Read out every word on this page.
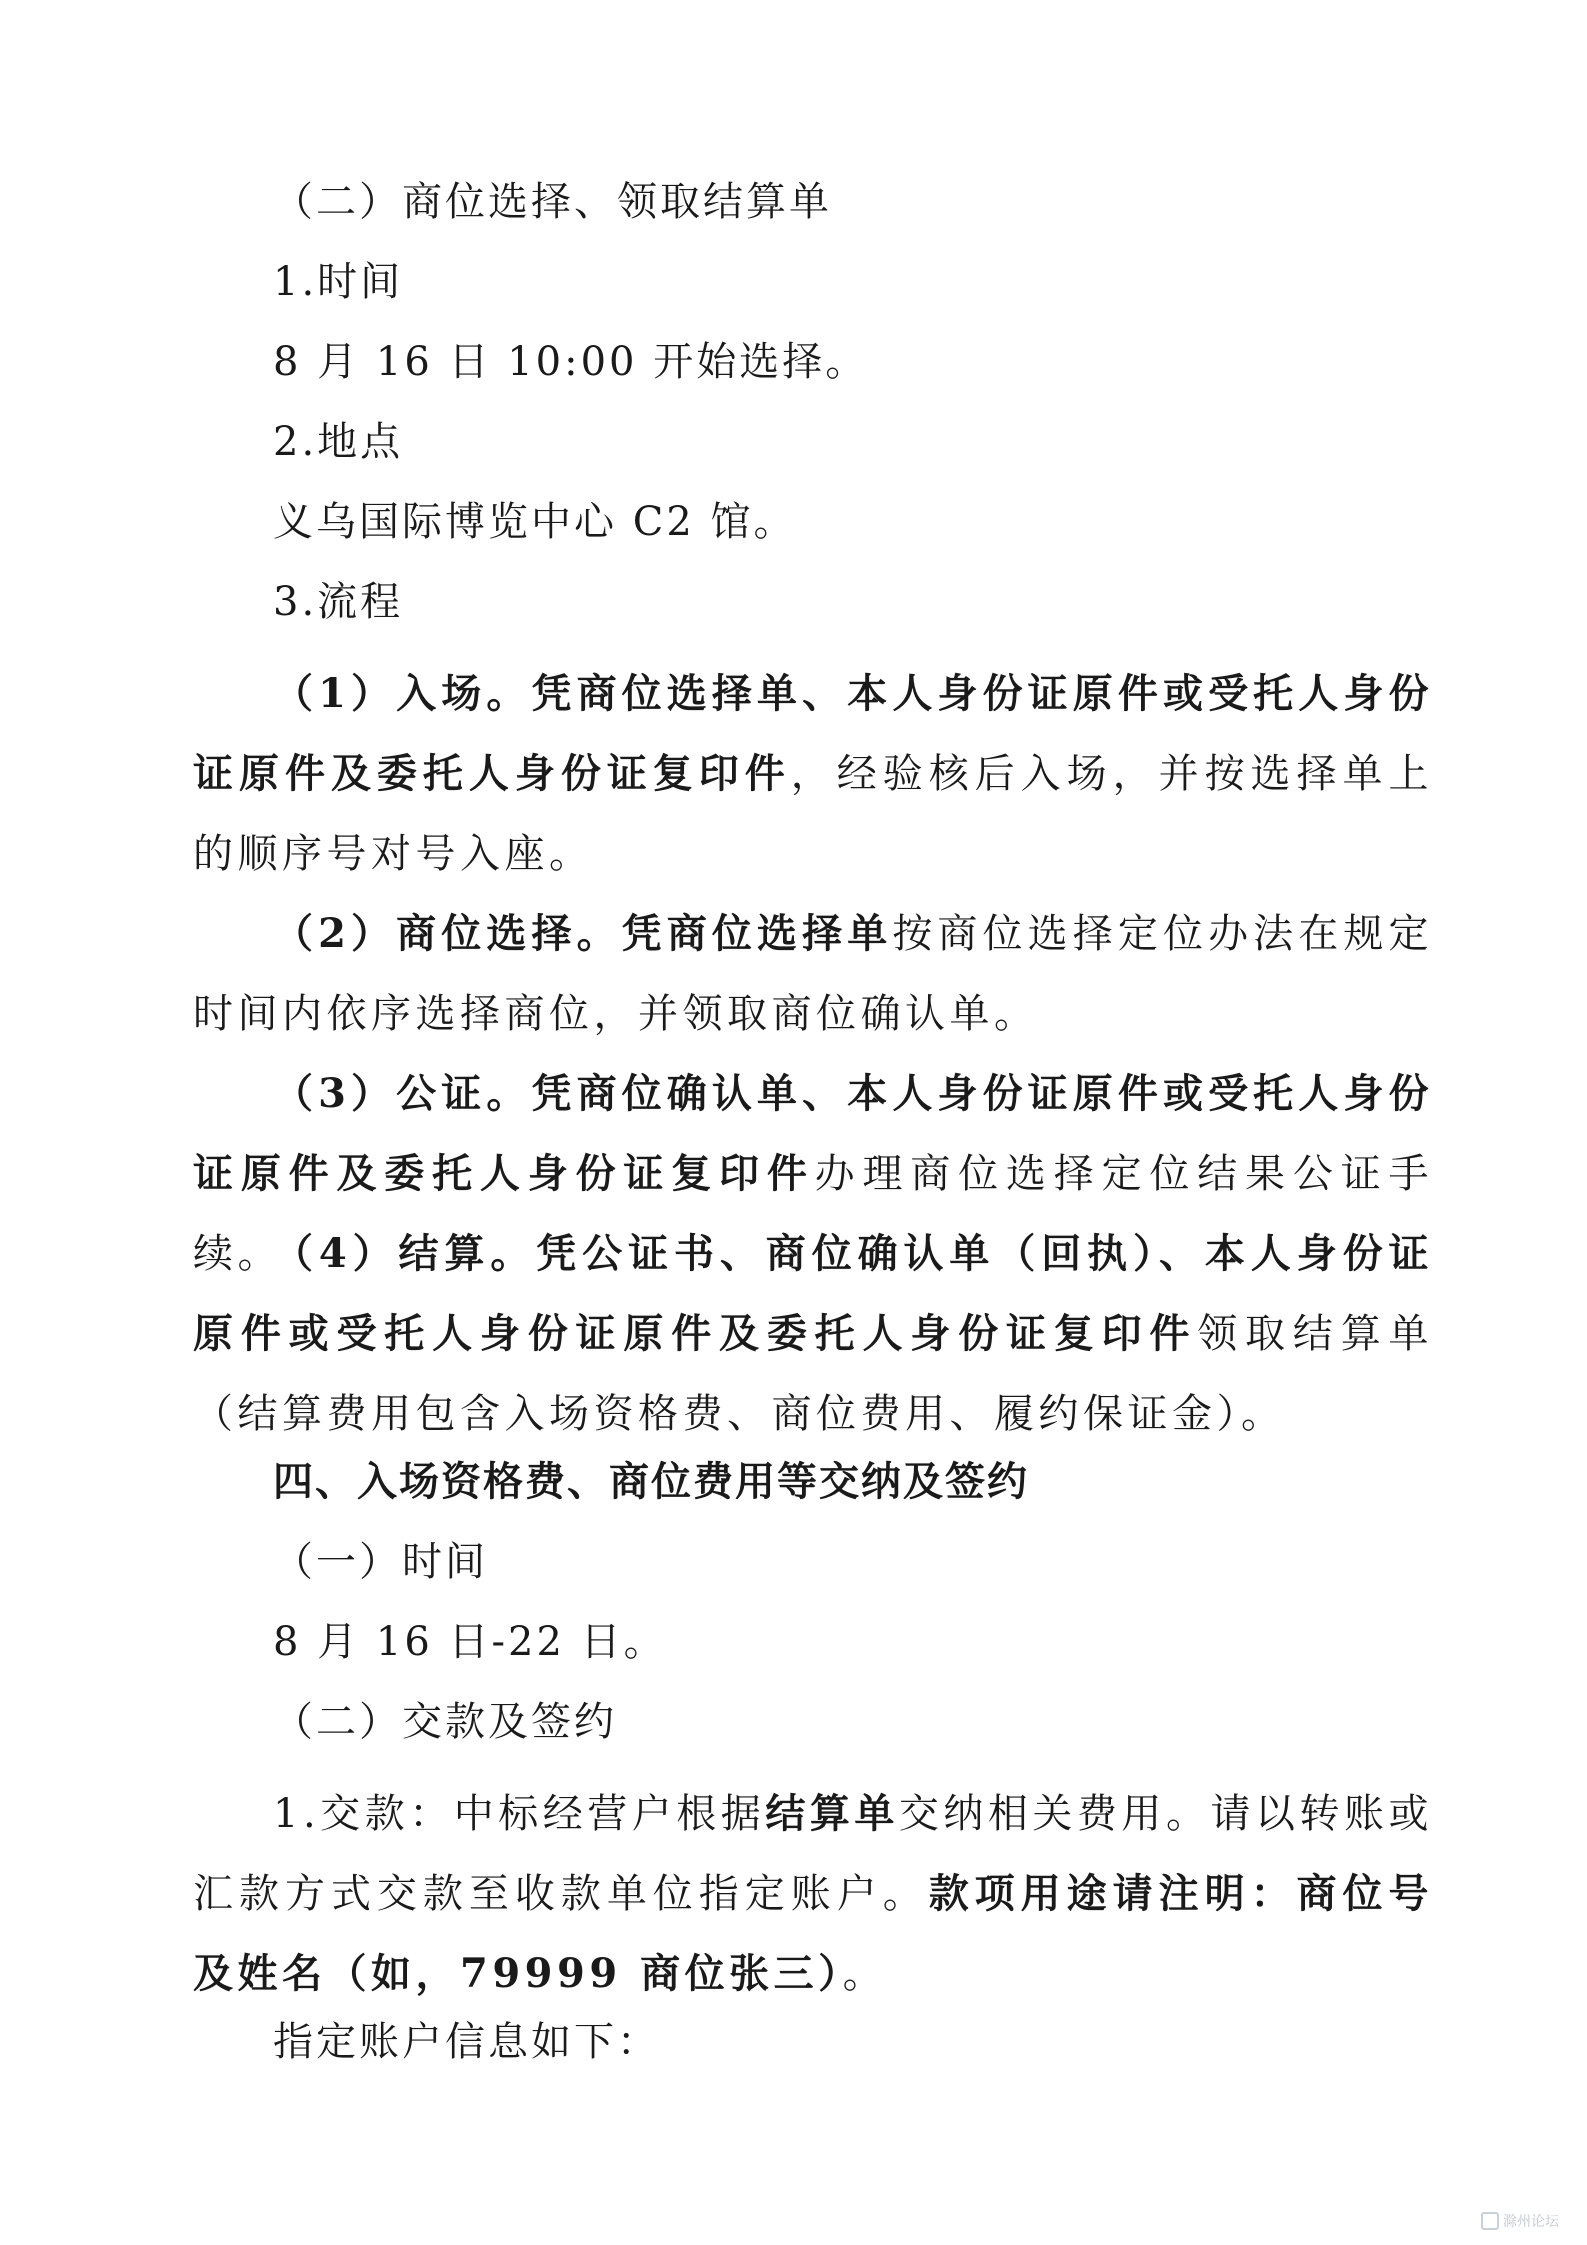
（二）商位选择、领取结算单
1.时间
8 月 16 日 10:00 开始选择。
2.地点
义乌国际博览中心 C2 馆。
3.流程
（1）入场。凭商位选择单、本人身份证原件或受托人身份证原件及委托人身份证复印件，经验核后入场，并按选择单上的顺序号对号入座。
（2）商位选择。凭商位选择单按商位选择定位办法在规定时间内依序选择商位，并领取商位确认单。
（3）公证。凭商位确认单、本人身份证原件或受托人身份证原件及委托人身份证复印件办理商位选择定位结果公证手续。
（4）结算。凭公证书、商位确认单（回执）、本人身份证原件或受托人身份证原件及委托人身份证复印件领取结算单（结算费用包含入场资格费、商位费用、履约保证金）。
四、入场资格费、商位费用等交纳及签约
（一）时间
8 月 16 日-22 日。
（二）交款及签约
1.交款：中标经营户根据结算单交纳相关费用。请以转账或汇款方式交款至收款单位指定账户。款项用途请注明：商位号及姓名（如，79999 商位张三）。
指定账户信息如下：
滁州论坛
